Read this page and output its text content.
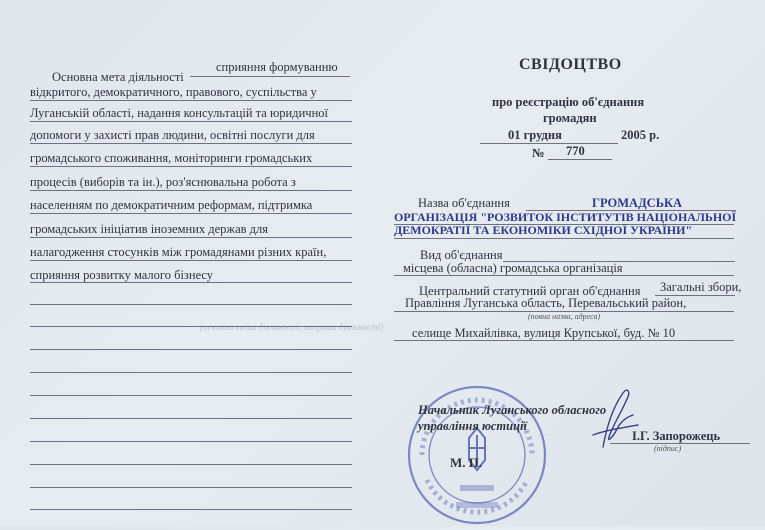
сприяння формуванню
Основна мета діяльності
відкритого, демократичного, правового, суспільства у
Луганській області, надання консультацій та юридичної
допомоги у захисті прав людини, освітні послуги для
громадського споживання, моніторинги громадських
процесів (виборів та ін.), роз'яснювальна робота з
населенням по демократичним реформам, підтримка
громадських ініціатив іноземних держав для
налагодження стосунків між громадянами різних країн,
сприяння розвитку малого бізнесу
(основна мета діяльності, напрями діяльності)
СВІДОЦТВО
про реєстрацію об'єднання
громадян
01 грудня	2005 р.
№ 770
Назва об'єднання	ГРОМАДСЬКА
ОРГАНІЗАЦІЯ "РОЗВИТОК ІНСТИТУТІВ НАЦІОНАЛЬНОЇ
ДЕМОКРАТІЇ ТА ЕКОНОМІКИ СХІДНОЇ УКРАЇНИ"
Вид об'єднання
місцева (обласна) громадська організація
Центральний статутний орган об'єднання Загальні збори,
Правління Луганська область, Перевальський район,
(повна назва, адреса)
селище Михайлівка, вулиця Крупської, буд. № 10
Начальник Луганського обласного
управління юстиції
М. П.
І.Г. Запорожець
(підпис)
